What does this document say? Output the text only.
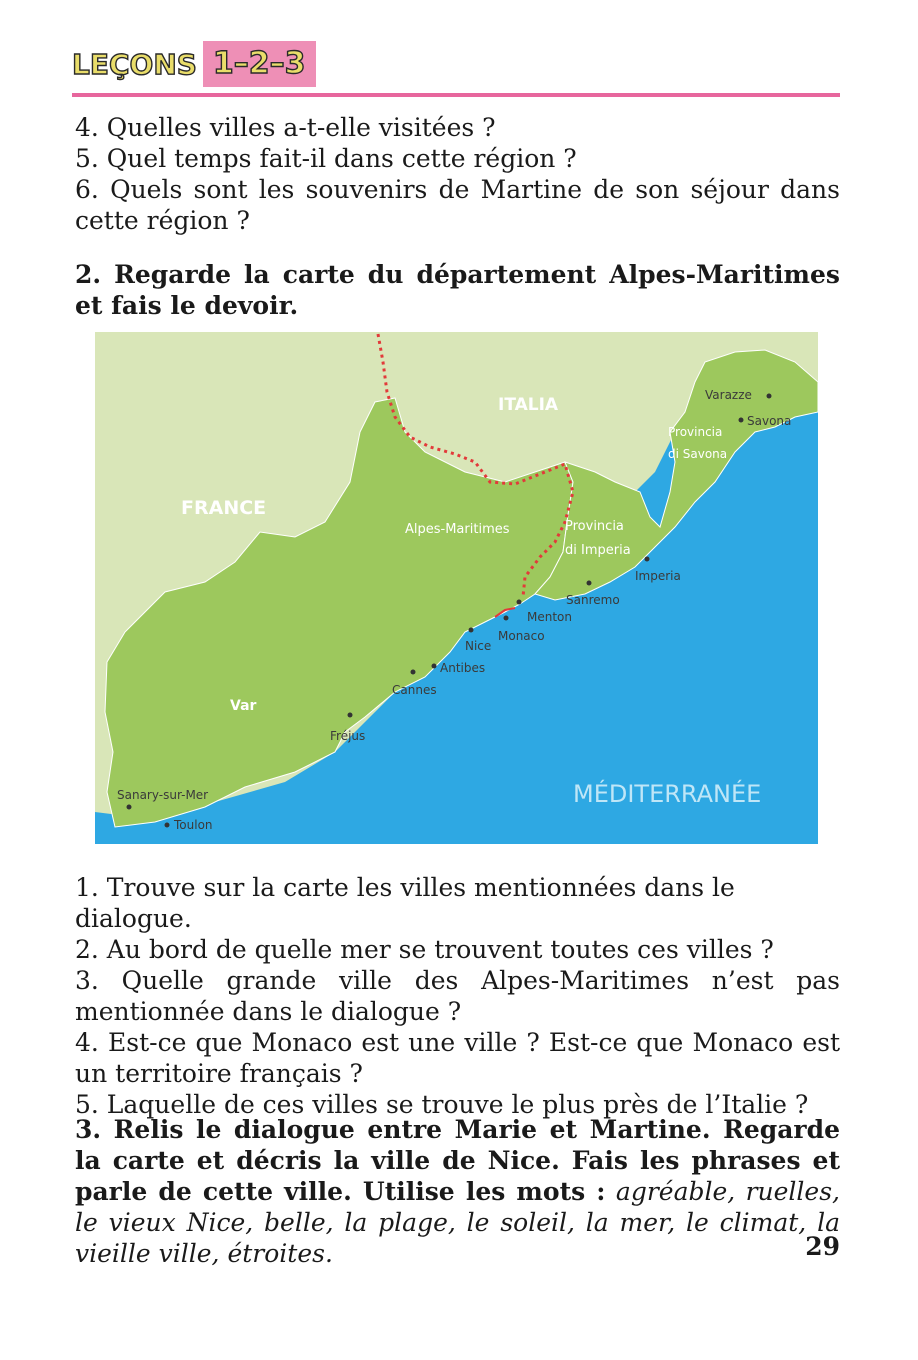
LEÇONS 1–2–3
4. Quelles villes a-t-elle visitées ?
5. Quel temps fait-il dans cette région ?
6. Quels sont les souvenirs de Martine de son séjour dans cette région ?
2. Regarde la carte du département Alpes-Maritimes et fais le devoir.
ITALIA
FRANCE
MÉDITERRANÉE
Alpes-Maritimes
Var
Provincia
di Imperia
Provincia
di Savona
Varazze
Savona
Imperia
Sanremo
Menton
Monaco
Nice
Antibes
Cannes
Fréjus
Sanary-sur-Mer
Toulon
1. Trouve sur la carte les villes mentionnées dans le dialogue.
2. Au bord de quelle mer se trouvent toutes ces villes ?
3. Quelle grande ville des Alpes-Maritimes n’est pas mentionnée dans le dialogue ?
4. Est-ce que Monaco est une ville ? Est-ce que Monaco est un territoire français ?
5. Laquelle de ces villes se trouve le plus près de l’Italie ?
3. Relis le dialogue entre Marie et Martine. Regarde la carte et décris la ville de Nice. Fais les phrases et parle de cette ville. Utilise les mots : agréable, ruelles, le vieux Nice, belle, la plage, le soleil, la mer, le climat, la vieille ville, étroites.	29
